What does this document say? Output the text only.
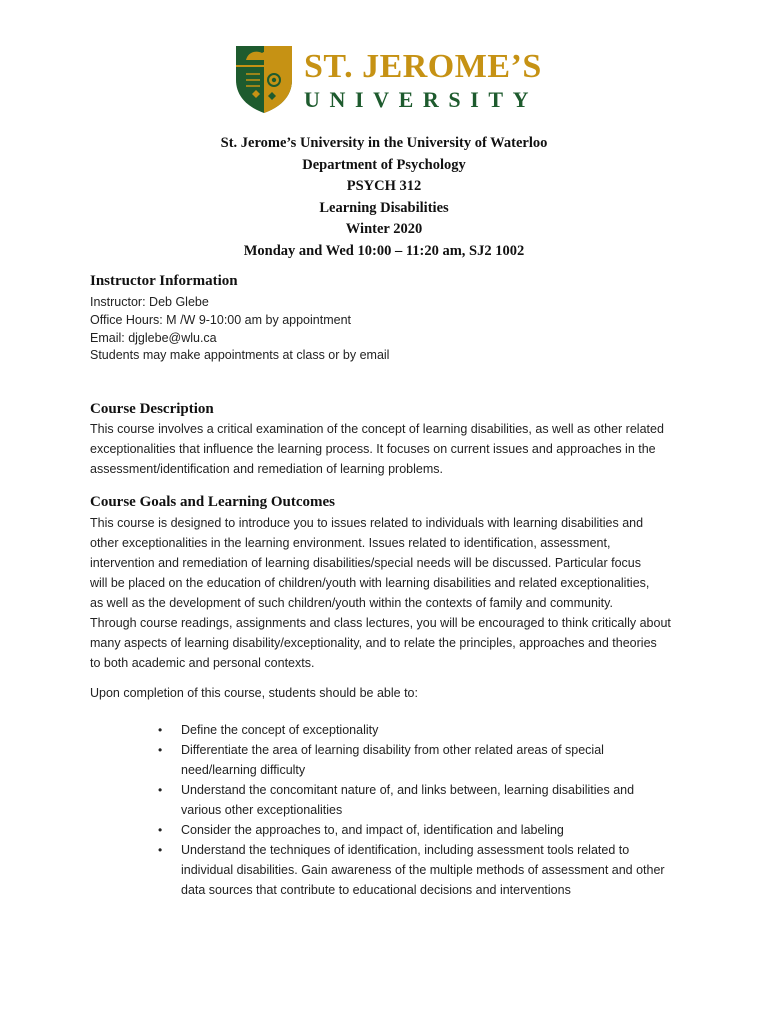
ST. JEROME’S
UNIVERSITY
St. Jerome’s University in the University of Waterloo
Department of Psychology
PSYCH 312
Learning Disabilities
Winter 2020
Monday and Wed 10:00 – 11:20 am, SJ2 1002
Instructor Information
Instructor: Deb Glebe
Office Hours: M /W 9-10:00 am by appointment
Email: djglebe@wlu.ca
Students may make appointments at class or by email
Course Description
This course involves a critical examination of the concept of learning disabilities, as well as other related
exceptionalities that influence the learning process. It focuses on current issues and approaches in the
assessment/identification and remediation of learning problems.
Course Goals and Learning Outcomes
This course is designed to introduce you to issues related to individuals with learning disabilities and
other exceptionalities in the learning environment. Issues related to identification, assessment,
intervention and remediation of learning disabilities/special needs will be discussed. Particular focus
will be placed on the education of children/youth with learning disabilities and related exceptionalities,
as well as the development of such children/youth within the contexts of family and community.
Through course readings, assignments and class lectures, you will be encouraged to think critically about
many aspects of learning disability/exceptionality, and to relate the principles, approaches and theories
to both academic and personal contexts.
Upon completion of this course, students should be able to:
• Define the concept of exceptionality
• Differentiate the area of learning disability from other related areas of special
need/learning difficulty
• Understand the concomitant nature of, and links between, learning disabilities and
various other exceptionalities
• Consider the approaches to, and impact of, identification and labeling
• Understand the techniques of identification, including assessment tools related to
individual disabilities. Gain awareness of the multiple methods of assessment and other
data sources that contribute to educational decisions and interventions
